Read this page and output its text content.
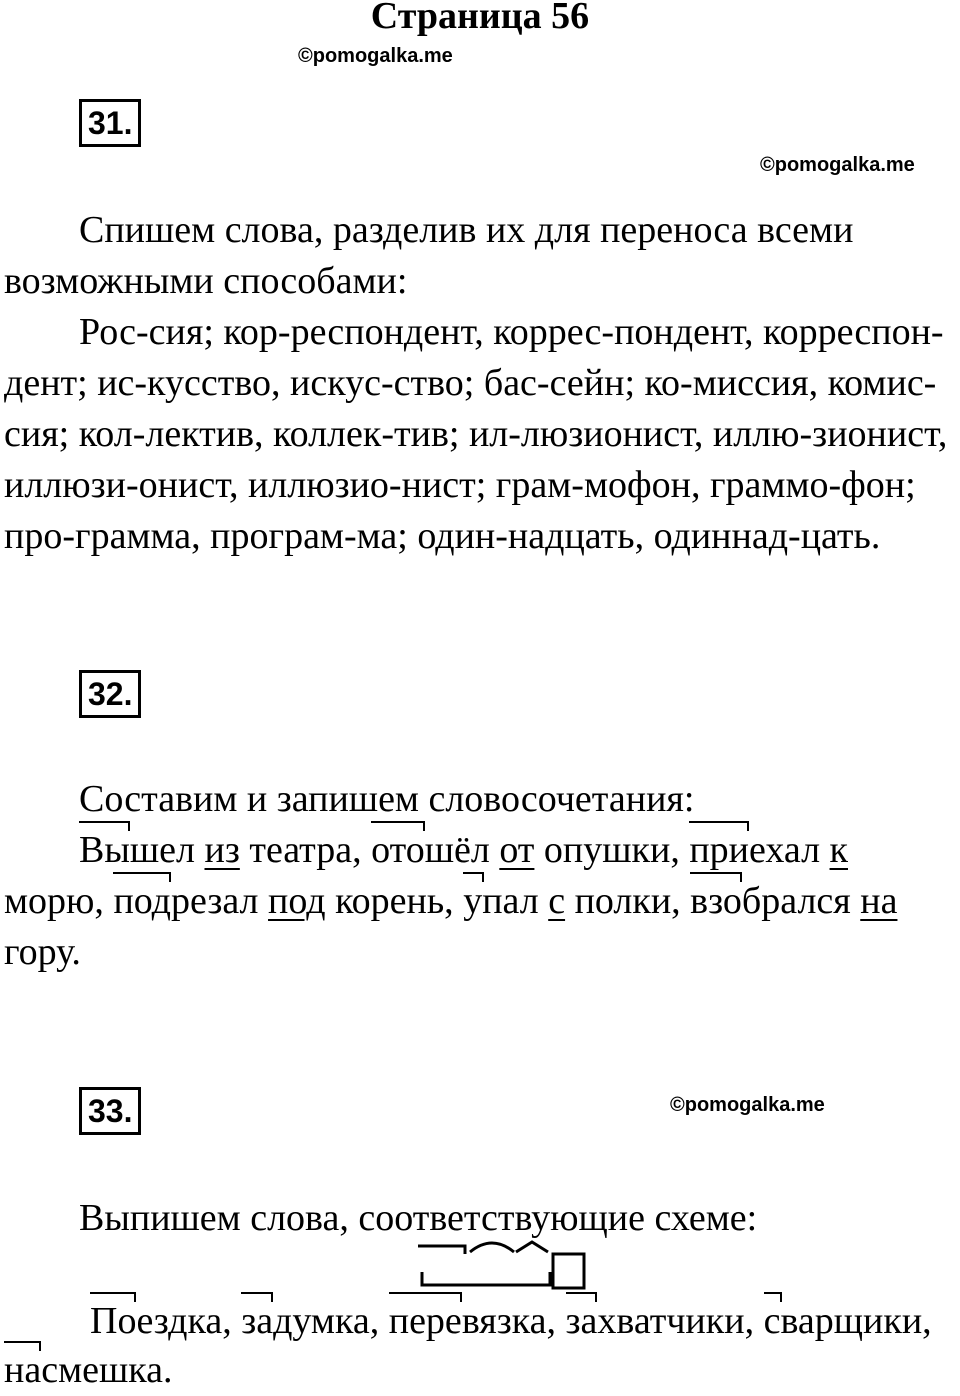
Страница 56
©pomogalka.me
31.
©pomogalka.me
Спишем слова, разделив их для переноса всеми
возможными способами:
Рос-сия; кор-респондент, коррес-пондент, корреспон-
дент; ис-кусство, искус-ство; бас-сейн; ко-миссия, комис-
сия; кол-лектив, коллек-тив; ил-люзионист, иллю-зионист,
иллюзи-онист, иллюзио-нист; грам-мофон, граммо-фон;
про-грамма, програм-ма; один-надцать, одиннад-цать.
32.
Составим и запишем словосочетания:
Вышел из театра, отошёл от опушки, приехал к
морю, подрезал под корень, упал с полки, взобрался на
гору.
33.	©pomogalka.me
Выпишем слова, соответствующие схеме:
Поездка, задумка, перевязка, захватчики, сварщики,
насмешка.
